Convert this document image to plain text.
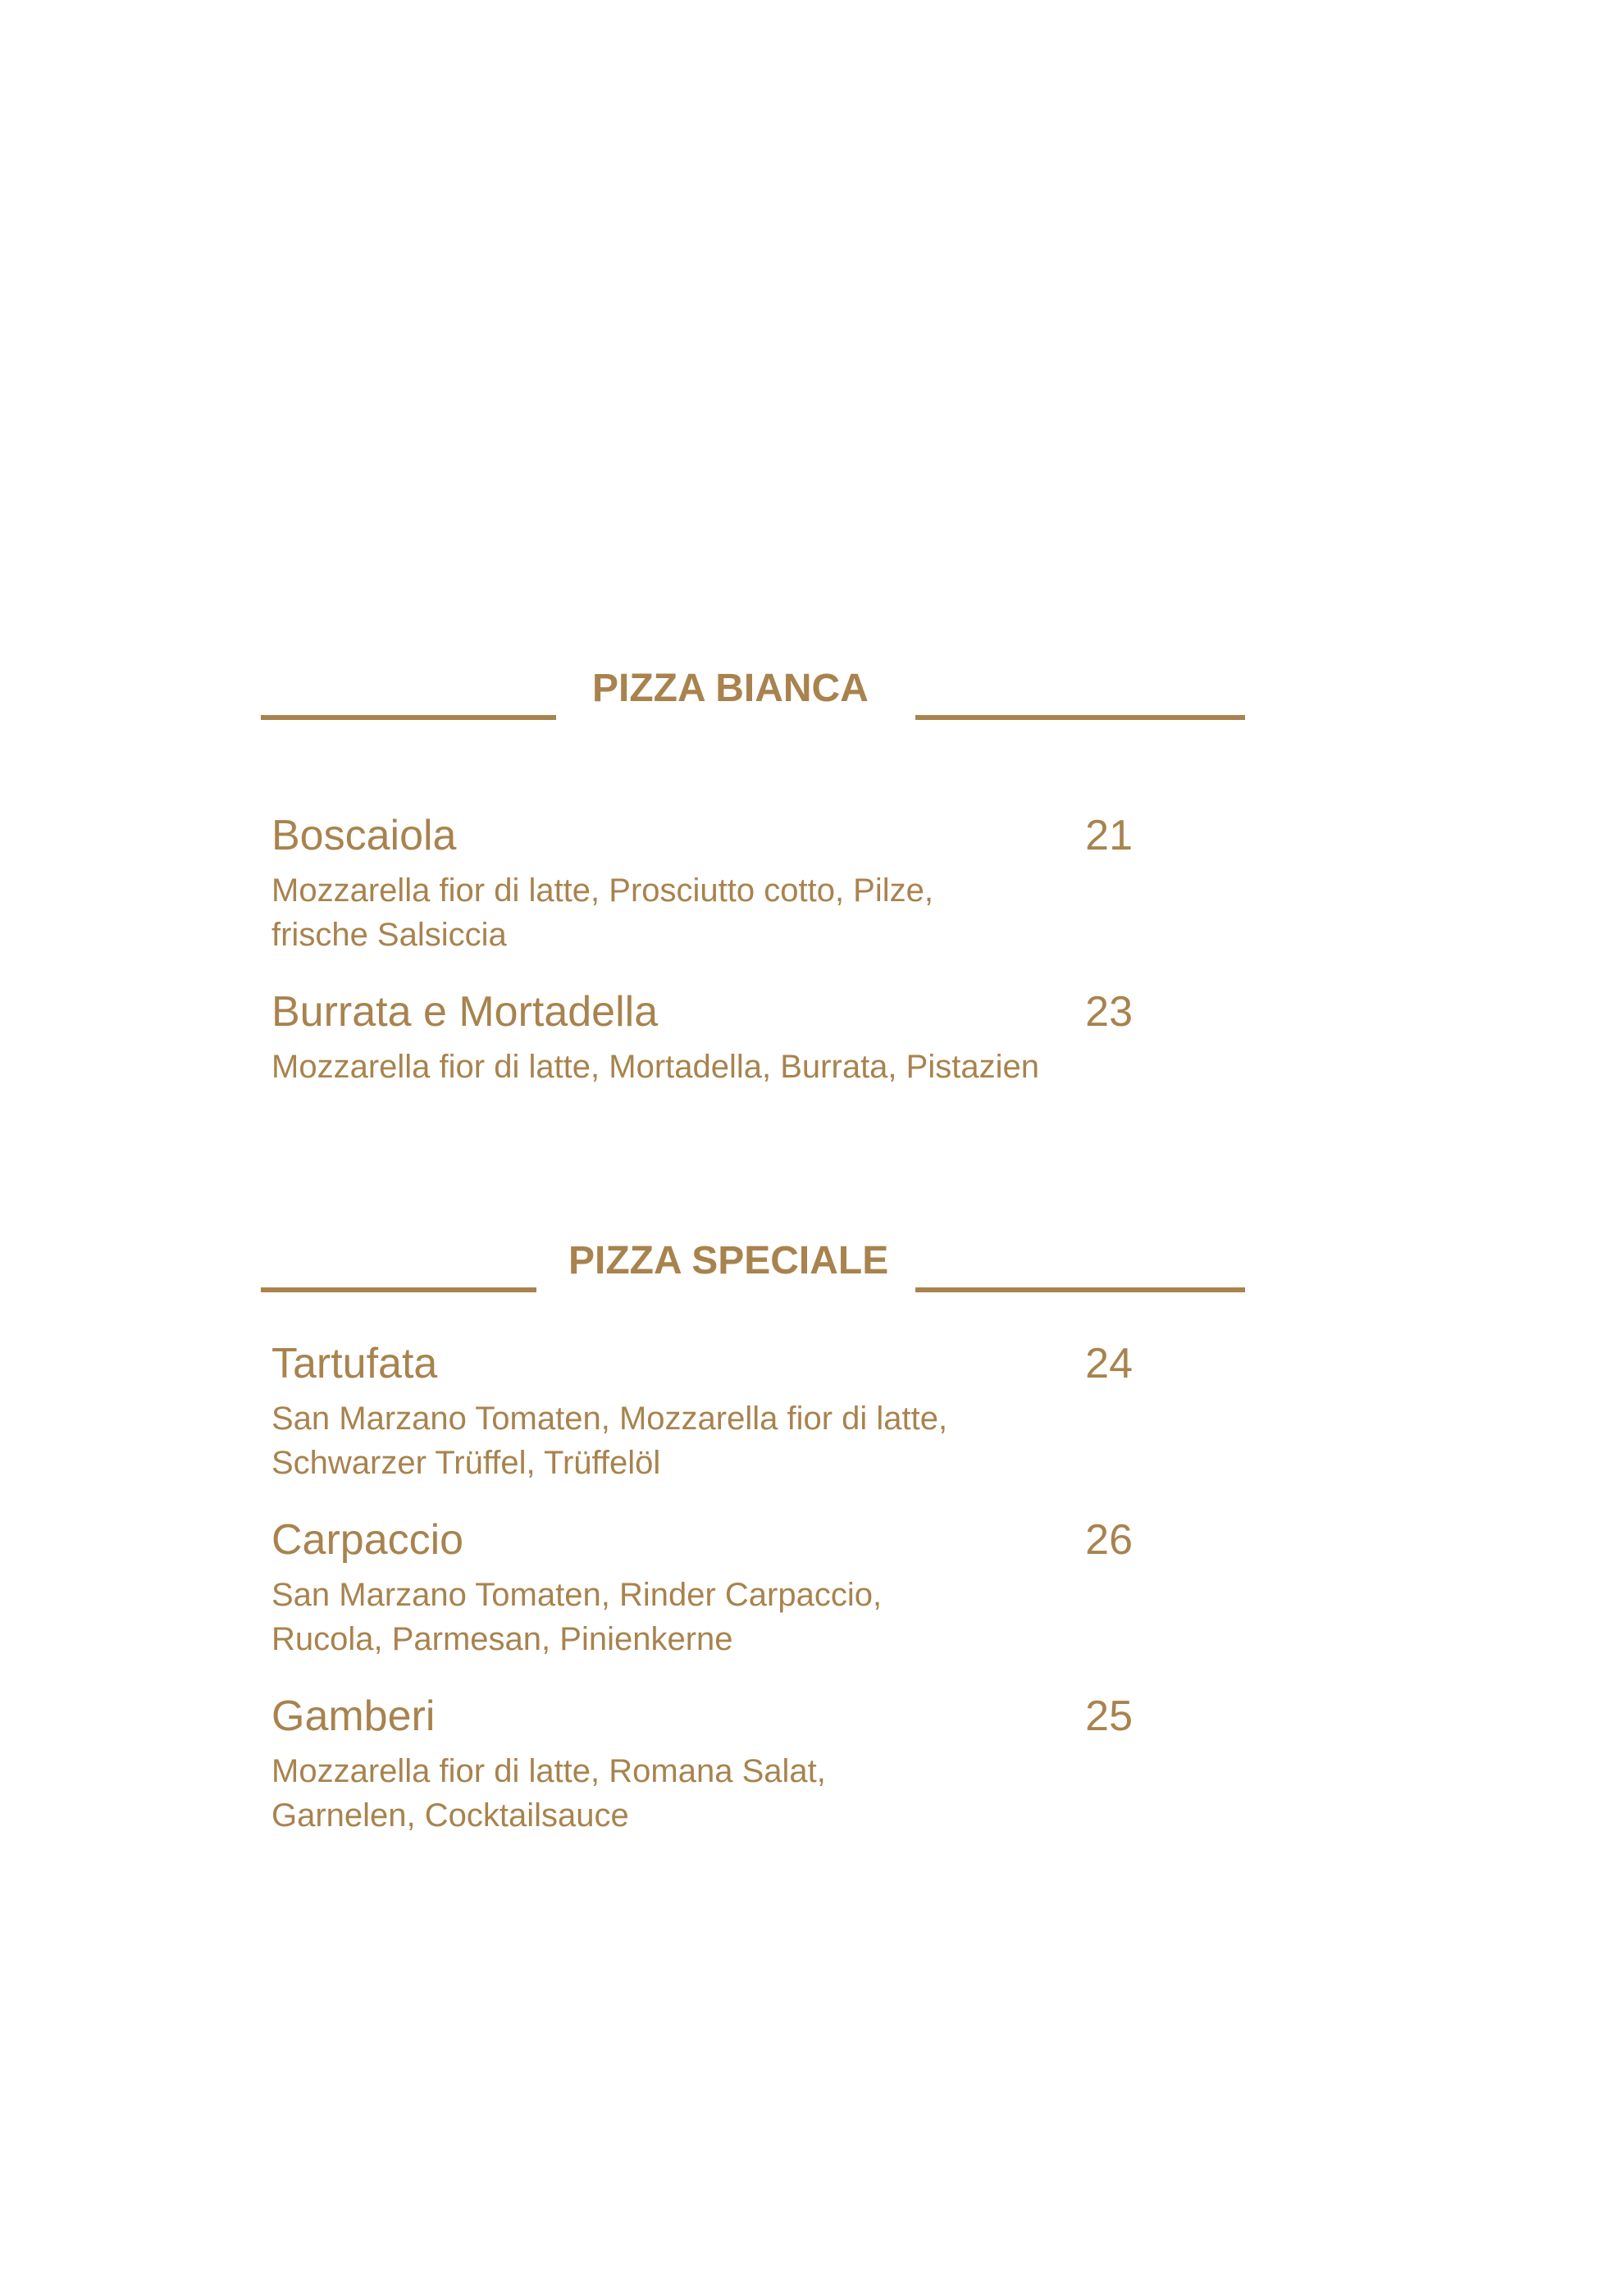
PIZZA BIANCA
Boscaiola	21
Mozzarella fior di latte, Prosciutto cotto, Pilze,
frische Salsiccia
Burrata e Mortadella	23
Mozzarella fior di latte, Mortadella, Burrata, Pistazien
PIZZA SPECIALE
Tartufata	24
San Marzano Tomaten, Mozzarella fior di latte,
Schwarzer Trüffel, Trüffelöl
Carpaccio	26
San Marzano Tomaten, Rinder Carpaccio,
Rucola, Parmesan, Pinienkerne
Gamberi	25
Mozzarella fior di latte, Romana Salat,
Garnelen, Cocktailsauce
